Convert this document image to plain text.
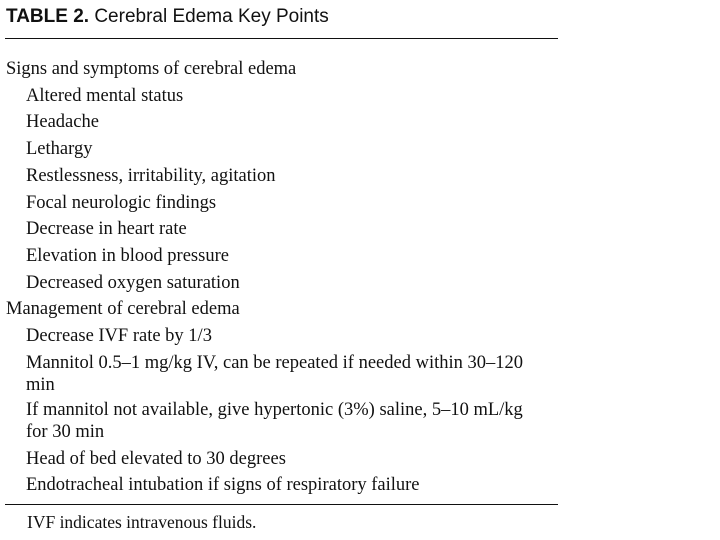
TABLE 2. Cerebral Edema Key Points
Signs and symptoms of cerebral edema
Altered mental status
Headache
Lethargy
Restlessness, irritability, agitation
Focal neurologic findings
Decrease in heart rate
Elevation in blood pressure
Decreased oxygen saturation
Management of cerebral edema
Decrease IVF rate by 1/3
Mannitol 0.5–1 mg/kg IV, can be repeated if needed within 30–120 min
If mannitol not available, give hypertonic (3%) saline, 5–10 mL/kg for 30 min
Head of bed elevated to 30 degrees
Endotracheal intubation if signs of respiratory failure
IVF indicates intravenous fluids.
